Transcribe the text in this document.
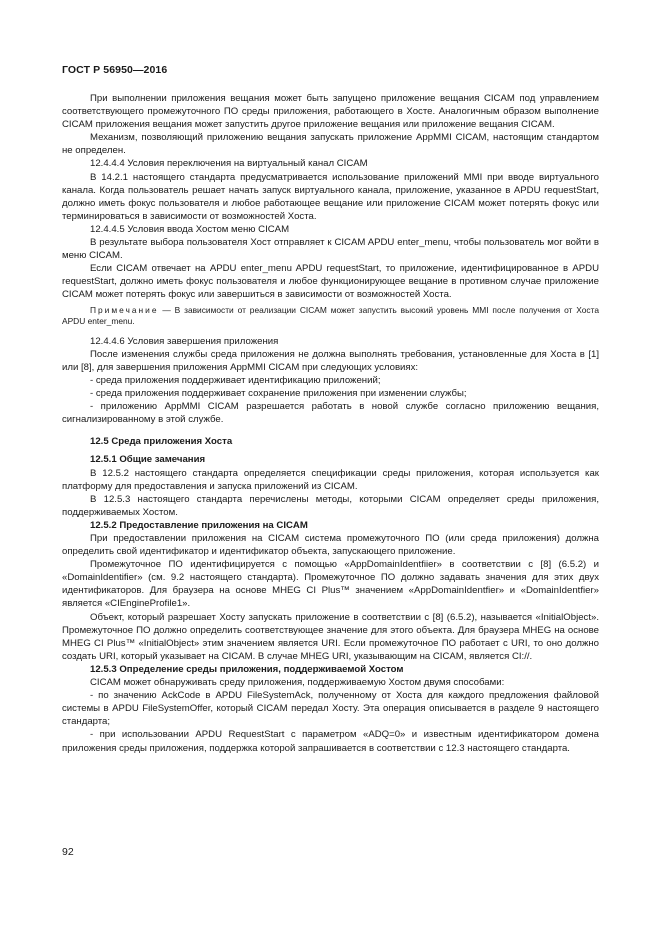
ГОСТ Р 56950—2016

При выполнении приложения вещания может быть запущено приложение вещания CICAM под управлением соответствующего промежуточного ПО среды приложения, работающего в Хосте. Аналогичным образом выполнение CICAM приложения вещания может запустить другое приложение вещания или приложение вещания CICAM.

Механизм, позволяющий приложению вещания запускать приложение AppMMI CICAM, настоящим стандартом не определен.

12.4.4.4 Условия переключения на виртуальный канал CICAM

В 14.2.1 настоящего стандарта предусматривается использование приложений MMI при вводе виртуального канала. Когда пользователь решает начать запуск виртуального канала, приложение, указанное в APDU requestStart, должно иметь фокус пользователя и любое работающее вещание или приложение CICAM может потерять фокус или терминироваться в зависимости от возможностей Хоста.

12.4.4.5 Условия ввода Хостом меню CICAM

В результате выбора пользователя Хост отправляет к CICAM APDU enter_menu, чтобы пользователь мог войти в меню CICAM.

Если CICAM отвечает на APDU enter_menu APDU requestStart, то приложение, идентифицированное в APDU requestStart, должно иметь фокус пользователя и любое функционирующее вещание в противном случае приложение CICAM может потерять фокус или завершиться в зависимости от возможностей Хоста.

Примечание — В зависимости от реализации CICAM может запустить высокий уровень MMI после получения от Хоста APDU enter_menu.

12.4.4.6 Условия завершения приложения

После изменения службы среда приложения не должна выполнять требования, установленные для Хоста в [1] или [8], для завершения приложения AppMMI CICAM при следующих условиях:

- среда приложения поддерживает идентификацию приложений;

- среда приложения поддерживает сохранение приложения при изменении службы;

- приложению AppMMI CICAM разрешается работать в новой службе согласно приложению вещания, сигнализированному в этой службе.

12.5 Среда приложения Хоста

12.5.1 Общие замечания

В 12.5.2 настоящего стандарта определяется спецификации среды приложения, которая используется как платформу для предоставления и запуска приложений из CICAM.

В 12.5.3 настоящего стандарта перечислены методы, которыми CICAM определяет среды приложения, поддерживаемых Хостом.

12.5.2 Предоставление приложения на CICAM

При предоставлении приложения на CICAM система промежуточного ПО (или среда приложения) должна определить свой идентификатор и идентификатор объекта, запускающего приложение.

Промежуточное ПО идентифицируется с помощью «AppDomainIdentfiier» в соответствии с [8] (6.5.2) и «DomainIdentifier» (см. 9.2 настоящего стандарта). Промежуточное ПО должно задавать значения для этих двух идентификаторов. Для браузера на основе MHEG CI Plus™ значением «AppDomainIdentfier» и «DomainIdentfier» является «CIEngineProfile1».

Объект, который разрешает Хосту запускать приложение в соответствии с [8] (6.5.2), называется «InitialObject». Промежуточное ПО должно определить соответствующее значение для этого объекта. Для браузера MHEG на основе MHEG CI Plus™ «InitialObject» этим значением является URI. Если промежуточное ПО работает с URI, то оно должно создать URI, который указывает на CICAM. В случае MHEG URI, указывающим на CICAM, является CI://.

12.5.3 Определение среды приложения, поддерживаемой Хостом

CICAM может обнаруживать среду приложения, поддерживаемую Хостом двумя способами:

- по значению AckCode в APDU FileSystemAck, полученному от Хоста для каждого предложения файловой системы в APDU FileSystemOffer, который CICAM передал Хосту. Эта операция описывается в разделе 9 настоящего стандарта;

- при использовании APDU RequestStart с параметром «ADQ=0» и известным идентификатором домена приложения среды приложения, поддержка которой запрашивается в соответствии с 12.3 настоящего стандарта.

92
